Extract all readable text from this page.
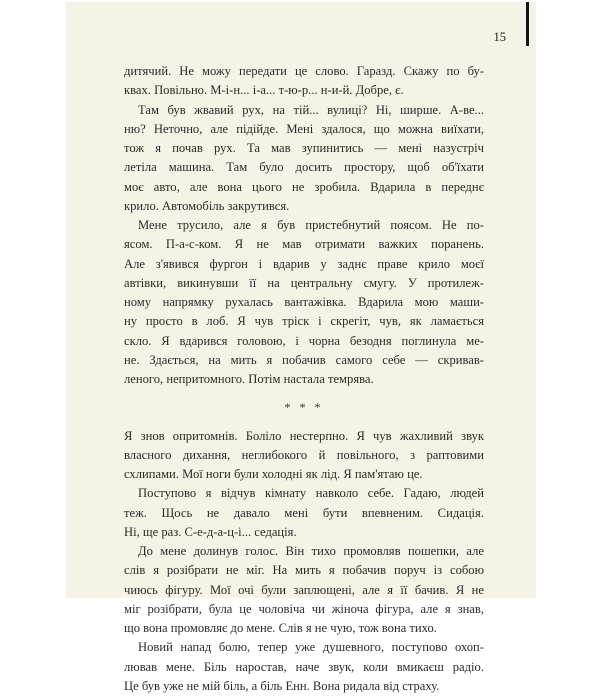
15
дитячий. Не можу передати це слово. Гаразд. Скажу по бу-
квах. Повільно. М-і-н... і-а... т-ю-р... н-и-й. Добре, є.
Там був жвавий рух, на тій... вулиці? Ні, ширше. А-ве...
ню? Неточно, але підійде. Мені здалося, що можна виїхати,
тож я почав рух. Та мав зупинитись — мені назустріч
летіла машина. Там було досить простору, щоб об'їхати
моє авто, але вона цього не зробила. Вдарила в переднє
крило. Автомобіль закрутився.
Мене трусило, але я був пристебнутий поясом. Не по-
ясом. П-а-с-ком. Я не мав отримати важких поранень.
Але з'явився фургон і вдарив у заднє праве крило моєї
автівки, викинувши її на центральну смугу. У протилеж-
ному напрямку рухалась вантажівка. Вдарила мою маши-
ну просто в лоб. Я чув тріск і скрегіт, чув, як ламається
скло. Я вдарився головою, і чорна безодня поглинула ме-
не. Здається, на мить я побачив самого себе — скривав-
леного, непритомного. Потім настала темрява.
* * *
Я знов опритомнів. Боліло нестерпно. Я чув жахливий звук
власного дихання, неглибокого й повільного, з раптовими
схлипами. Мої ноги були холодні як лід. Я пам'ятаю це.
Поступово я відчув кімнату навколо себе. Гадаю, людей
теж. Щось не давало мені бути впевненим. Сидація.
Ні, ще раз. С-е-д-а-ц-і... седація.
До мене долинув голос. Він тихо промовляв пошепки, але
слів я розібрати не міг. На мить я побачив поруч із собою
чиюсь фігуру. Мої очі були заплющені, але я її бачив. Я не
міг розібрати, була це чоловіча чи жіноча фігура, але я знав,
що вона промовляє до мене. Слів я не чую, тож вона тихо.
Новий напад болю, тепер уже душевного, поступово охоп-
лював мене. Біль наростав, наче звук, коли вмикаєш радіо.
Це був уже не мій біль, а біль Енн. Вона ридала від страху.
